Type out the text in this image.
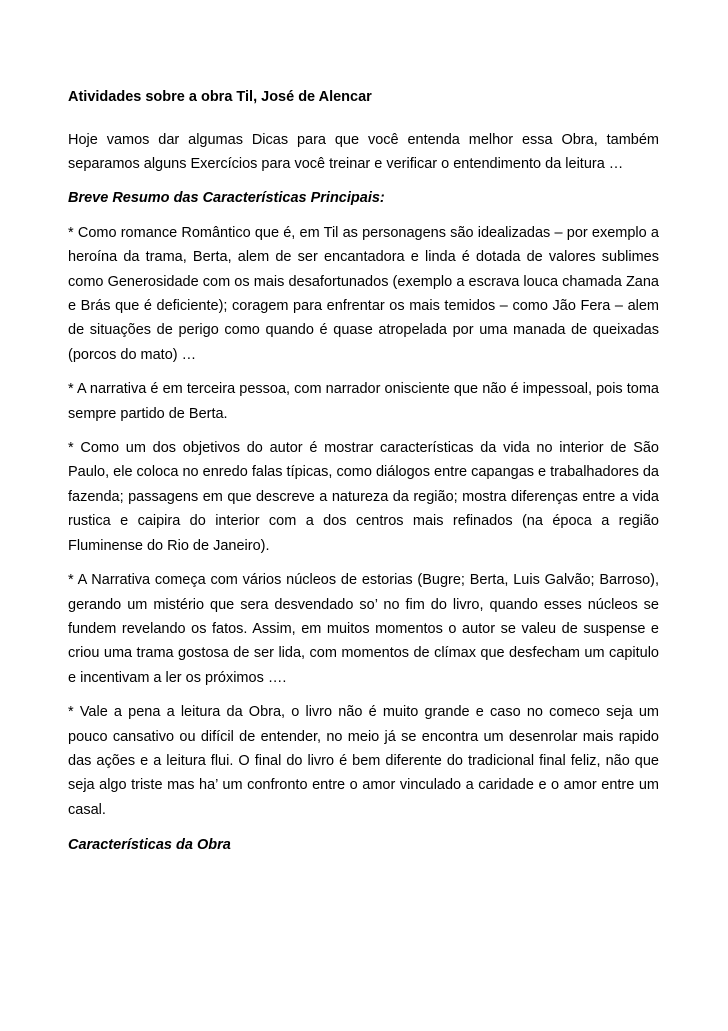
Atividades sobre a obra Til, José de Alencar

Hoje vamos dar algumas Dicas para que você entenda melhor essa Obra, também separamos alguns Exercícios para você treinar e verificar o entendimento da leitura …

Breve Resumo das Características Principais:

* Como romance Romântico que é, em Til as personagens são idealizadas – por exemplo a heroína da trama, Berta, alem de ser encantadora e linda é dotada de valores sublimes como Generosidade com os mais desafortunados (exemplo a escrava louca chamada Zana e Brás que é deficiente); coragem para enfrentar os mais temidos – como Jão Fera – alem de situações de perigo como quando é quase atropelada por uma manada de queixadas (porcos do mato) …

* A narrativa é em terceira pessoa, com narrador onisciente que não é impessoal, pois toma sempre partido de Berta.

* Como um dos objetivos do autor é mostrar características da vida no interior de São Paulo, ele coloca no enredo falas típicas, como diálogos entre capangas e trabalhadores da fazenda; passagens em que descreve a natureza da região; mostra diferenças entre a vida rustica e caipira do interior com a dos centros mais refinados (na época a região Fluminense do Rio de Janeiro).

* A Narrativa começa com vários núcleos de estorias (Bugre; Berta, Luis Galvão; Barroso), gerando um mistério que sera desvendado so’ no fim do livro, quando esses núcleos se fundem revelando os fatos. Assim, em muitos momentos o autor se valeu de suspense e criou uma trama gostosa de ser lida, com momentos de clímax que desfecham um capitulo e incentivam a ler os próximos ….

* Vale a pena a leitura da Obra, o livro não é muito grande e caso no comeco seja um pouco cansativo ou difícil de entender, no meio já se encontra um desenrolar mais rapido das ações e a leitura flui. O final do livro é bem diferente do tradicional final feliz, não que seja algo triste mas ha’ um confronto entre o amor vinculado a caridade e o amor entre um casal.

Características da Obra
